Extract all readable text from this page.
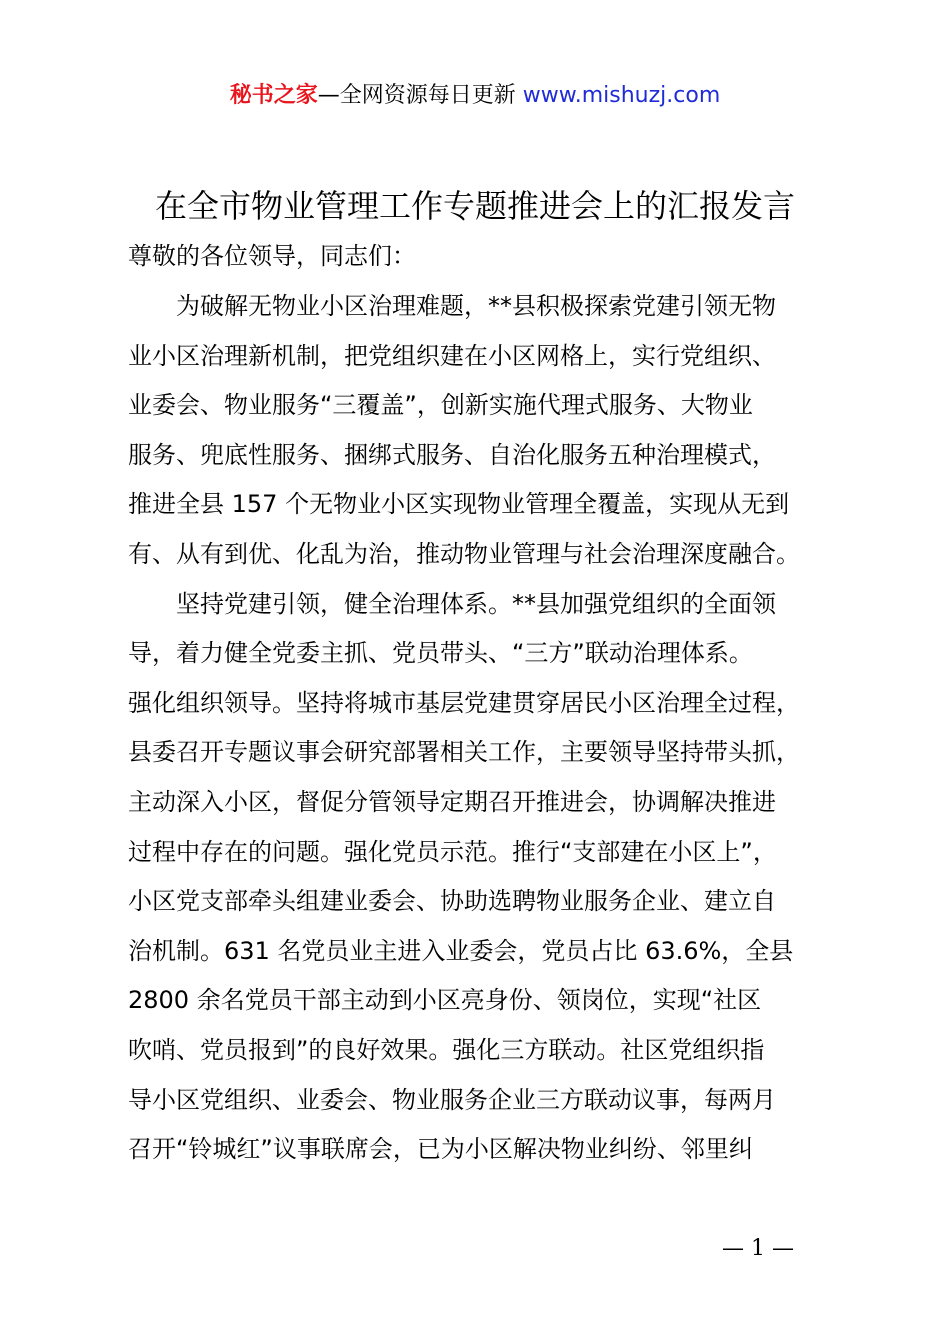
秘书之家—全网资源每日更新 www.mishuzj.com
在全市物业管理工作专题推进会上的汇报发言
尊敬的各位领导，同志们：
　　为破解无物业小区治理难题，**县积极探索党建引领无物
业小区治理新机制，把党组织建在小区网格上，实行党组织、
业委会、物业服务“三覆盖”，创新实施代理式服务、大物业
服务、兜底性服务、捆绑式服务、自治化服务五种治理模式，
推进全县 157 个无物业小区实现物业管理全覆盖，实现从无到
有、从有到优、化乱为治，推动物业管理与社会治理深度融合。
　　坚持党建引领，健全治理体系。**县加强党组织的全面领
导，着力健全党委主抓、党员带头、“三方”联动治理体系。
强化组织领导。坚持将城市基层党建贯穿居民小区治理全过程，
县委召开专题议事会研究部署相关工作，主要领导坚持带头抓，
主动深入小区，督促分管领导定期召开推进会，协调解决推进
过程中存在的问题。强化党员示范。推行“支部建在小区上”，
小区党支部牵头组建业委会、协助选聘物业服务企业、建立自
治机制。631 名党员业主进入业委会，党员占比 63.6%，全县
2800 余名党员干部主动到小区亮身份、领岗位，实现“社区
吹哨、党员报到”的良好效果。强化三方联动。社区党组织指
导小区党组织、业委会、物业服务企业三方联动议事，每两月
召开“铃城红”议事联席会，已为小区解决物业纠纷、邻里纠
— 1 —
